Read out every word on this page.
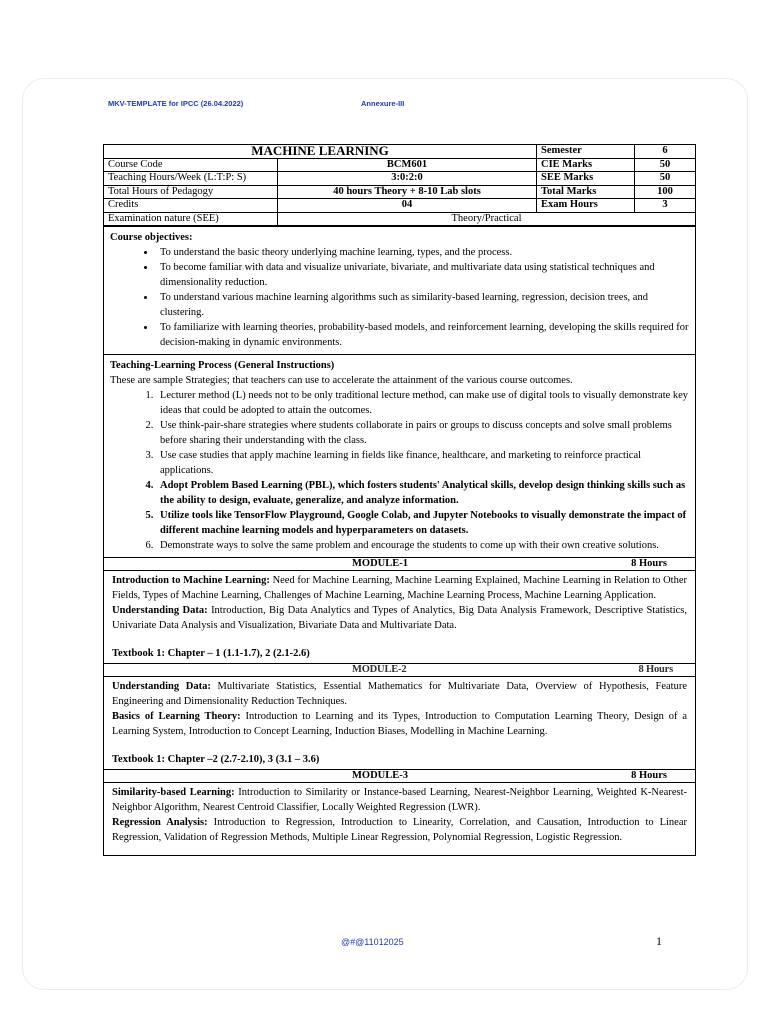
MKV-TEMPLATE for IPCC (26.04.2022)	Annexure-III
MACHINE LEARNING		Semester	6
Course Code	BCM601	CIE Marks	50
Teaching Hours/Week (L:T:P: S)	3:0:2:0	SEE Marks	50
Total Hours of Pedagogy	40 hours Theory + 8-10 Lab slots	Total Marks	100
Credits	04	Exam Hours	3
Examination nature (SEE)	Theory/Practical		
Course objectives:
• To understand the basic theory underlying machine learning, types, and the process.
• To become familiar with data and visualize univariate, bivariate, and multivariate data using statistical techniques and dimensionality reduction.
• To understand various machine learning algorithms such as similarity-based learning, regression, decision trees, and clustering.
• To familiarize with learning theories, probability-based models, and reinforcement learning, developing the skills required for decision-making in dynamic environments.
Teaching-Learning Process (General Instructions)
These are sample Strategies; that teachers can use to accelerate the attainment of the various course outcomes.
1. Lecturer method (L) needs not to be only traditional lecture method, can make use of digital tools to visually demonstrate key ideas that could be adopted to attain the outcomes.
2. Use think-pair-share strategies where students collaborate in pairs or groups to discuss concepts and solve small problems before sharing their understanding with the class.
3. Use case studies that apply machine learning in fields like finance, healthcare, and marketing to reinforce practical applications.
4. Adopt Problem Based Learning (PBL), which fosters students' Analytical skills, develop design thinking skills such as the ability to design, evaluate, generalize, and analyze information.
5. Utilize tools like TensorFlow Playground, Google Colab, and Jupyter Notebooks to visually demonstrate the impact of different machine learning models and hyperparameters on datasets.
6. Demonstrate ways to solve the same problem and encourage the students to come up with their own creative solutions.
MODULE-1	8 Hours

Introduction to Machine Learning: Need for Machine Learning, Machine Learning Explained, Machine Learning in Relation to Other Fields, Types of Machine Learning, Challenges of Machine Learning, Machine Learning Process, Machine Learning Application.

Understanding Data: Introduction, Big Data Analytics and Types of Analytics, Big Data Analysis Framework, Descriptive Statistics, Univariate Data Analysis and Visualization, Bivariate Data and Multivariate Data.

Textbook 1: Chapter – 1 (1.1-1.7), 2 (2.1-2.6)

MODULE-2	8 Hours

Understanding Data: Multivariate Statistics, Essential Mathematics for Multivariate Data, Overview of Hypothesis, Feature Engineering and Dimensionality Reduction Techniques.

Basics of Learning Theory: Introduction to Learning and its Types, Introduction to Computation Learning Theory, Design of a Learning System, Introduction to Concept Learning, Induction Biases, Modelling in Machine Learning.

Textbook 1: Chapter –2 (2.7-2.10), 3 (3.1 – 3.6)

MODULE-3	8 Hours

Similarity-based Learning: Introduction to Similarity or Instance-based Learning, Nearest-Neighbor Learning, Weighted K-Nearest-Neighbor Algorithm, Nearest Centroid Classifier, Locally Weighted Regression (LWR).

Regression Analysis: Introduction to Regression, Introduction to Linearity, Correlation, and Causation, Introduction to Linear Regression, Validation of Regression Methods, Multiple Linear Regression, Polynomial Regression, Logistic Regression.

@#@11012025	1
